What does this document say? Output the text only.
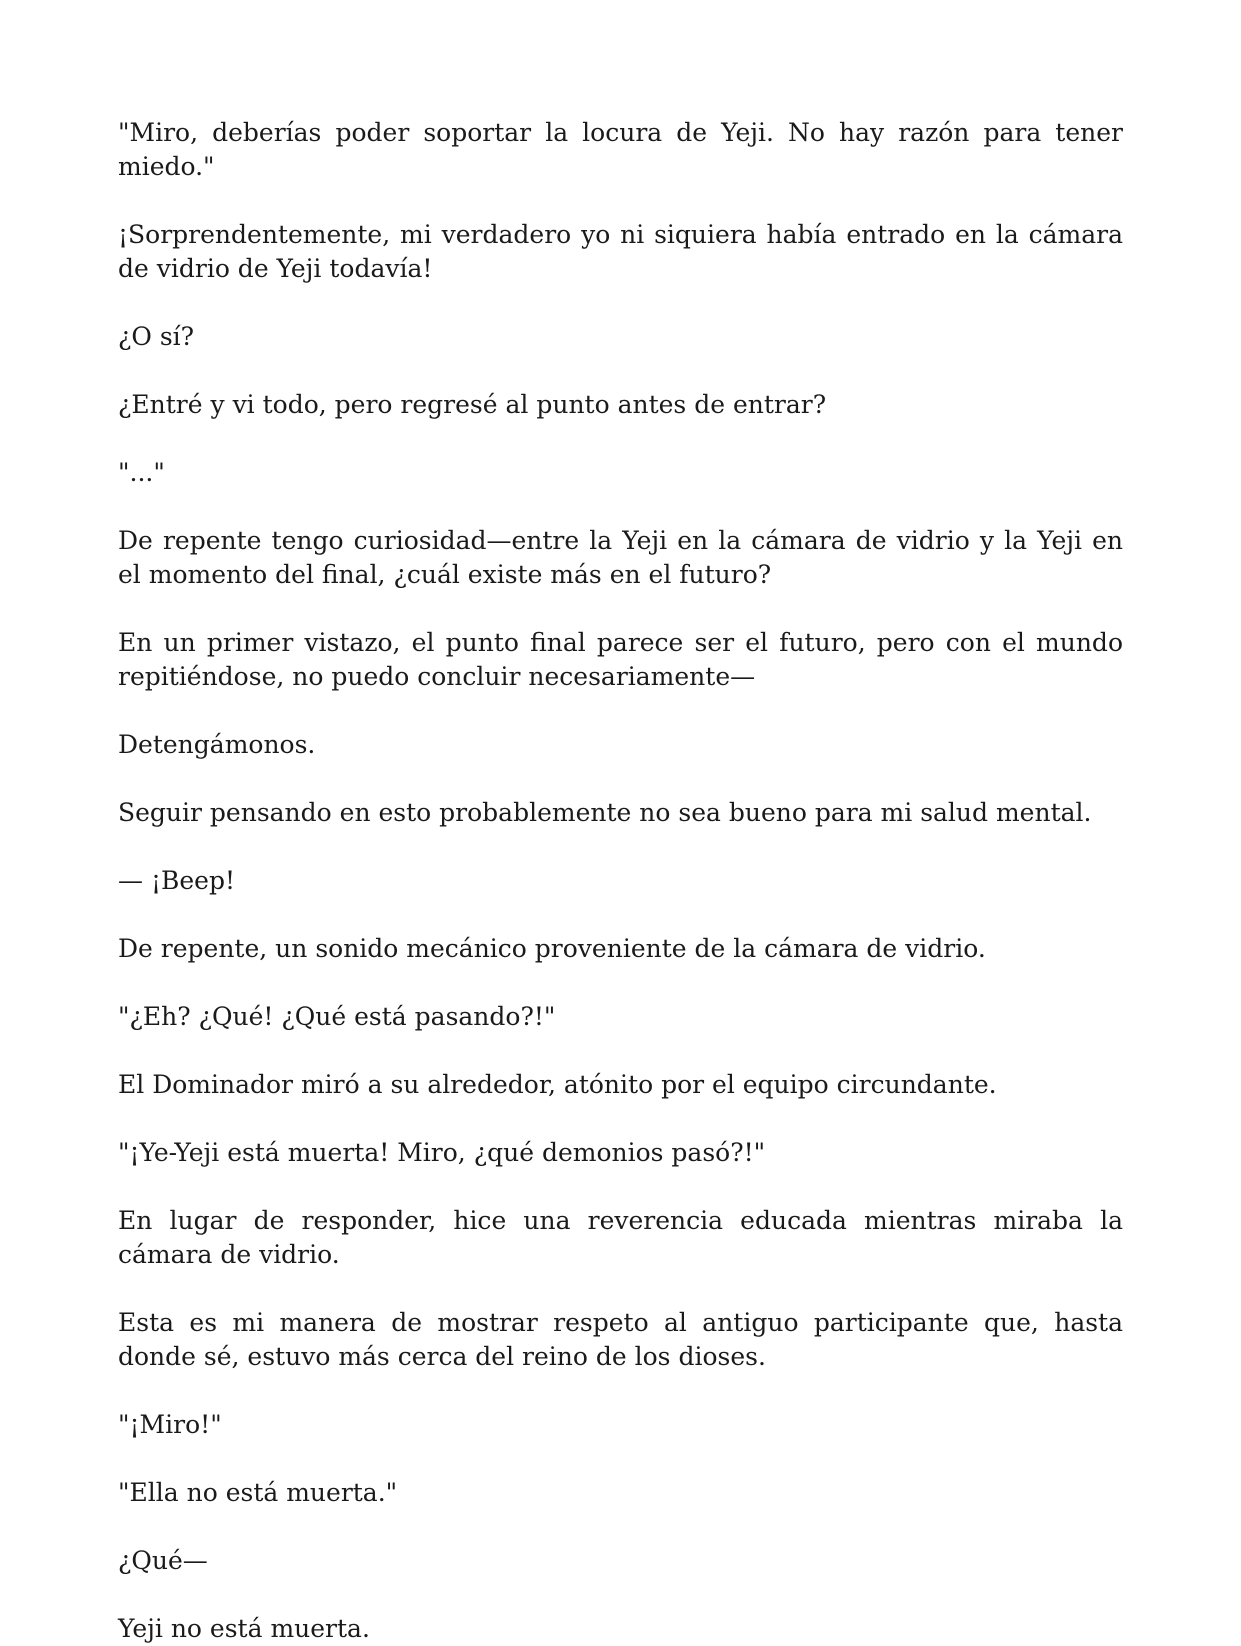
"Miro, deberías poder soportar la locura de Yeji. No hay razón para tener miedo."

¡Sorprendentemente, mi verdadero yo ni siquiera había entrado en la cámara de vidrio de Yeji todavía!

¿O sí?

¿Entré y vi todo, pero regresé al punto antes de entrar?

"..."

De repente tengo curiosidad—entre la Yeji en la cámara de vidrio y la Yeji en el momento del final, ¿cuál existe más en el futuro?

En un primer vistazo, el punto final parece ser el futuro, pero con el mundo repitiéndose, no puedo concluir necesariamente—

Detengámonos.

Seguir pensando en esto probablemente no sea bueno para mi salud mental.

— ¡Beep!

De repente, un sonido mecánico proveniente de la cámara de vidrio.

"¿Eh? ¿Qué! ¿Qué está pasando?!"

El Dominador miró a su alrededor, atónito por el equipo circundante.

"¡Ye-Yeji está muerta! Miro, ¿qué demonios pasó?!"

En lugar de responder, hice una reverencia educada mientras miraba la cámara de vidrio.

Esta es mi manera de mostrar respeto al antiguo participante que, hasta donde sé, estuvo más cerca del reino de los dioses.

"¡Miro!"

"Ella no está muerta."

¿Qué—

Yeji no está muerta.
